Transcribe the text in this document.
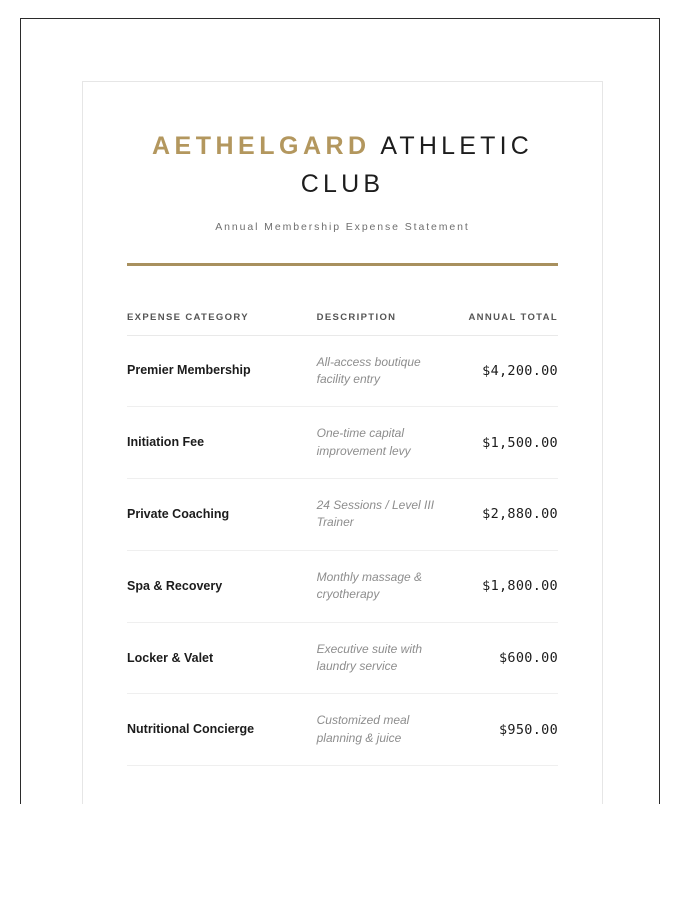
AETHELGARD ATHLETIC CLUB

Annual Membership Expense Statement

EXPENSE CATEGORY	DESCRIPTION	ANNUAL TOTAL
Premier Membership	All-access boutique facility entry	$4,200.00
Initiation Fee	One-time capital improvement levy	$1,500.00
Private Coaching	24 Sessions / Level III Trainer	$2,880.00
Spa & Recovery	Monthly massage & cryotherapy	$1,800.00
Locker & Valet	Executive suite with laundry service	$600.00
Nutritional Concierge	Customized meal planning & juice	$950.00
